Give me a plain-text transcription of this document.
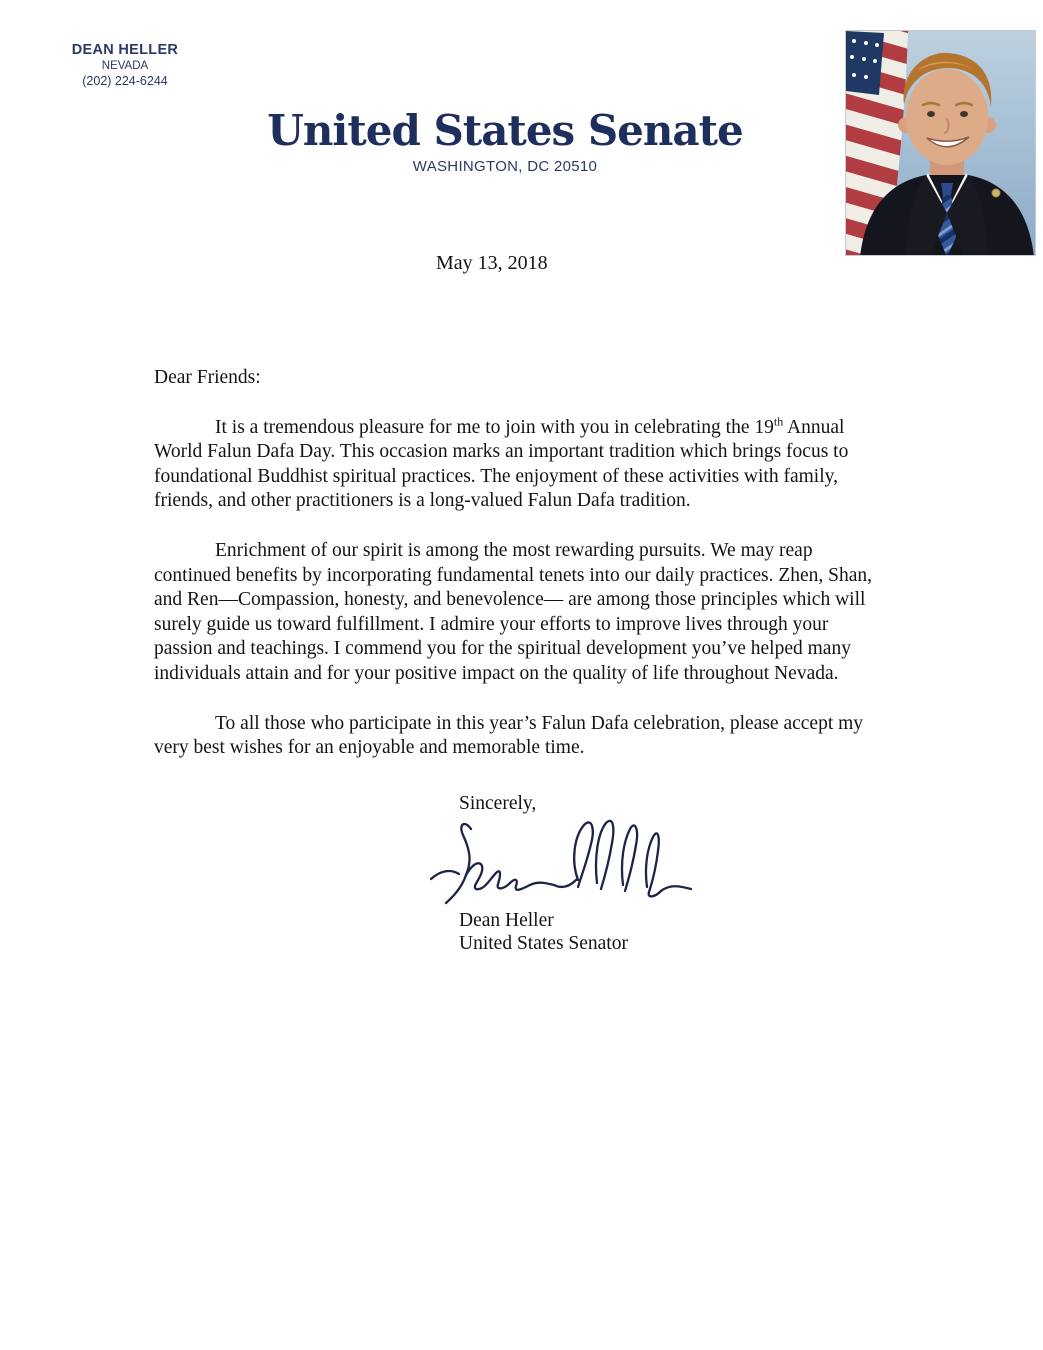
DEAN HELLER
NEVADA
(202) 224-6244
United States Senate
WASHINGTON, DC 20510
May 13, 2018
Dear Friends:

It is a tremendous pleasure for me to join with you in celebrating the 19th Annual World Falun Dafa Day. This occasion marks an important tradition which brings focus to foundational Buddhist spiritual practices. The enjoyment of these activities with family, friends, and other practitioners is a long-valued Falun Dafa tradition.

Enrichment of our spirit is among the most rewarding pursuits. We may reap continued benefits by incorporating fundamental tenets into our daily practices. Zhen, Shan, and Ren—Compassion, honesty, and benevolence— are among those principles which will surely guide us toward fulfillment. I admire your efforts to improve lives through your passion and teachings. I commend you for the spiritual development you’ve helped many individuals attain and for your positive impact on the quality of life throughout Nevada.

To all those who participate in this year’s Falun Dafa celebration, please accept my very best wishes for an enjoyable and memorable time.

Sincerely,
Dean Heller
United States Senator
